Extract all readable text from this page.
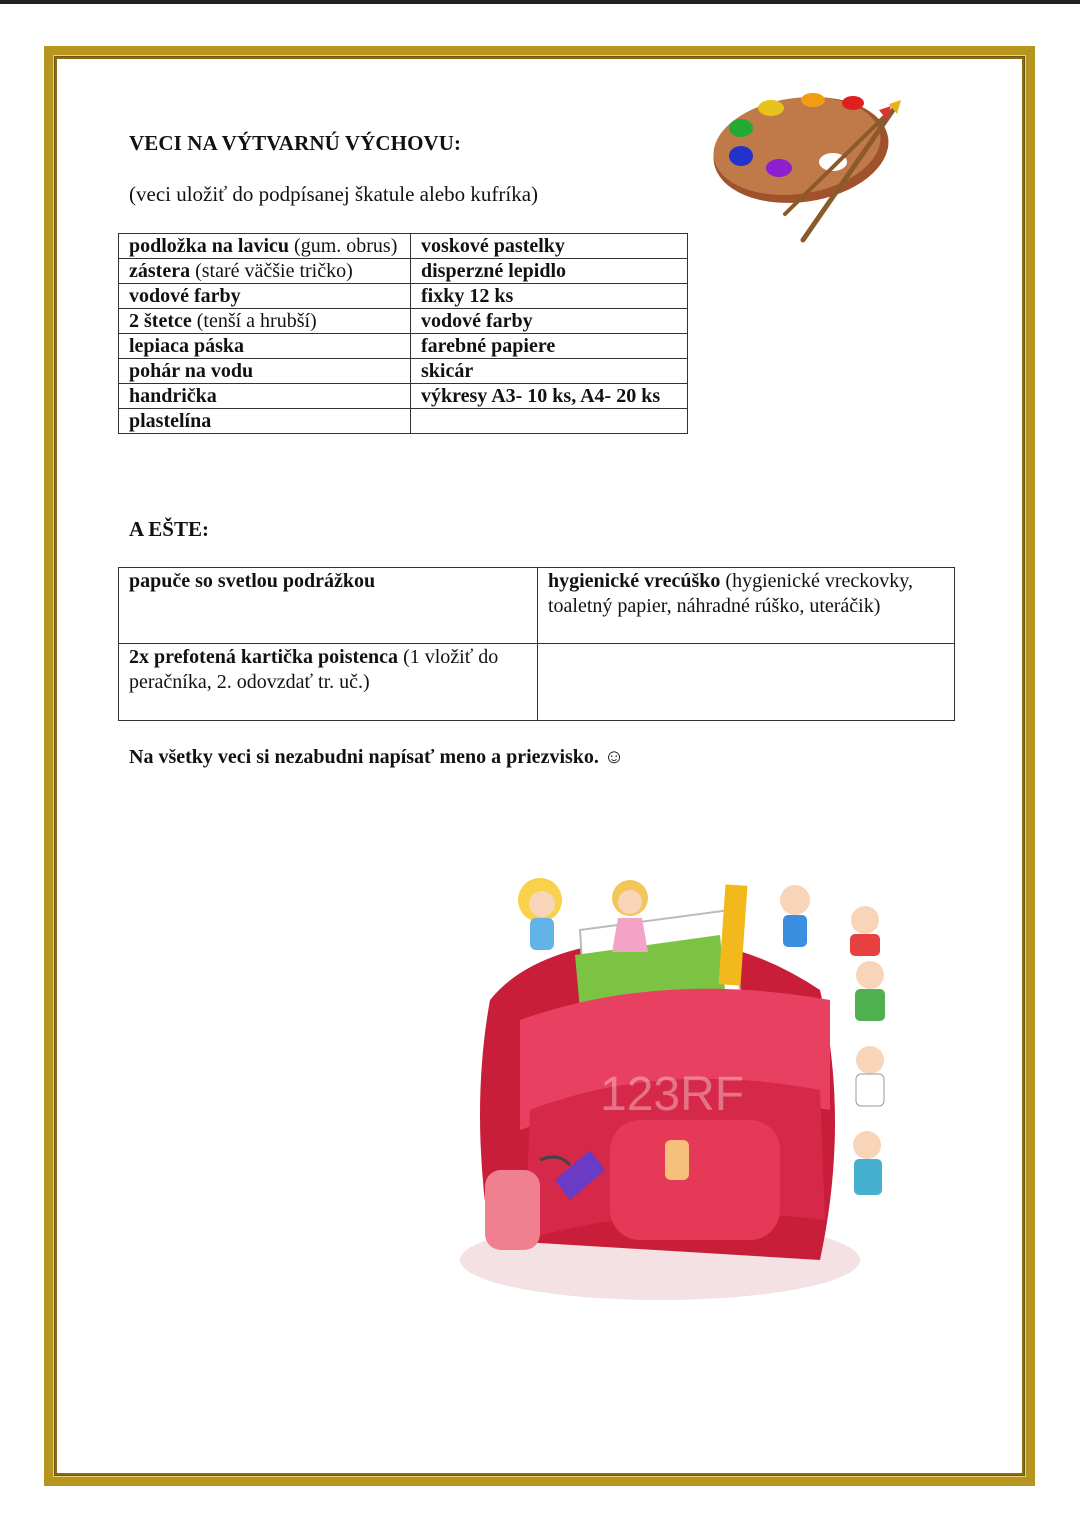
VECI NA VÝTVARNÚ VÝCHOVU:
(veci uložiť do podpísanej škatule alebo kufríka)
podložka na lavicu (gum. obrus)	voskové pastelky
zástera (staré väčšie tričko)	disperzné lepidlo
vodové farby	fixky 12 ks
2 štetce (tenší a hrubší)	vodové farby
lepiaca páska	farebné papiere
pohár na vodu	skicár
handrička	výkresy A3- 10 ks, A4- 20 ks
plastelína	
A EŠTE:
papuče so svetlou podrážkou	hygienické vrecúško (hygienické vreckovky, toaletný papier, náhradné rúško, uteráčik)
2x prefotená kartička poistenca (1 vložiť do peračníka, 2. odovzdať tr. uč.)	
Na všetky veci si nezabudni napísať meno a priezvisko. ☺
123RF
